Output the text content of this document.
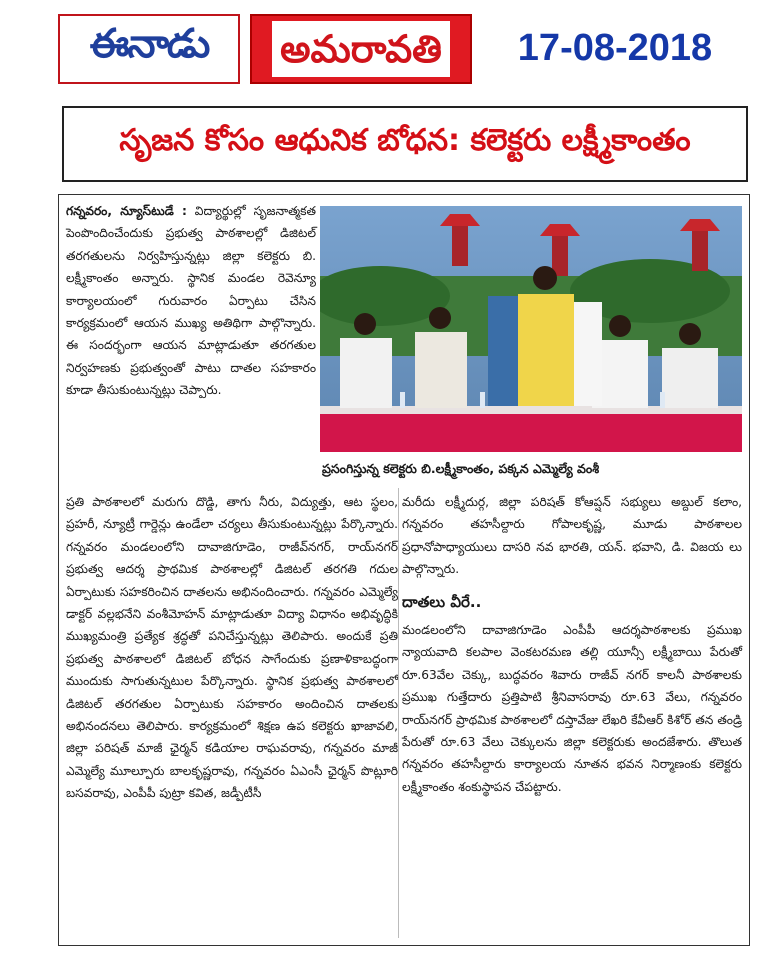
ఈనాడు	అమరావతి	17-08-2018
సృజన కోసం ఆధునిక బోధన: కలెక్టరు లక్ష్మీకాంతం
ప్రసంగిస్తున్న కలెక్టరు బి.లక్ష్మీకాంతం, పక్కన ఎమ్మెల్యే వంశీ

గన్నవరం, న్యూస్‌టుడే : విద్యార్థుల్లో సృజనాత్మకత పెంపొందించేందుకు ప్రభుత్వ పాఠశాలల్లో డిజిటల్ తరగతులను నిర్వహిస్తున్నట్లు జిల్లా కలెక్టరు బి. లక్ష్మీకాంతం అన్నారు. స్థానిక మండల రెవెన్యూ కార్యాలయంలో గురువారం ఏర్పాటు చేసిన కార్యక్రమంలో ఆయన ముఖ్య అతిథిగా పాల్గొన్నారు. ఈ సందర్భంగా ఆయన మాట్లాడుతూ తరగతుల నిర్వహణకు ప్రభుత్వంతో పాటు దాతల సహకారం కూడా తీసుకుంటున్నట్లు చెప్పారు.

ప్రతి పాఠశాలలో మరుగు దొడ్డి, తాగు నీరు, విద్యుత్తు, ఆట స్థలం, ప్రహరీ, న్యూట్రీ గార్డెన్లు ఉండేలా చర్యలు తీసుకుంటున్నట్లు పేర్కొన్నారు. గన్నవరం మండలంలోని దావాజిగూడెం, రాజీవ్‌నగర్, రాయ్‌నగర్ ప్రభుత్వ ఆదర్శ ప్రాథమిక పాఠశాలల్లో డిజిటల్ తరగతి గదుల ఏర్పాటుకు సహకరించిన దాతలను అభినందించారు. గన్నవరం ఎమ్మెల్యే డాక్టర్ వల్లభనేని వంశీమోహన్ మాట్లాడుతూ విద్యా విధానం అభివృద్ధికి ముఖ్యమంత్రి ప్రత్యేక శ్రద్ధతో పనిచేస్తున్నట్లు తెలిపారు. అందుకే ప్రతి ప్రభుత్వ పాఠశాలలో డిజిటల్ బోధన సాగేందుకు ప్రణాళికాబద్ధంగా ముందుకు సాగుతున్నటుల పేర్కొన్నారు. స్థానిక ప్రభుత్వ పాఠశాలలో డిజిటల్ తరగతుల ఏర్పాటుకు సహకారం అందించిన దాతలకు అభినందనలు తెలిపారు. కార్యక్రమంలో శిక్షణ ఉప కలెక్టరు ఖాజావలి, జిల్లా పరిషత్ మాజీ ఛైర్మన్ కడియాల రాఘవరావు, గన్నవరం మాజీ ఎమ్మెల్యే మూల్పూరు బాలకృష్ణరావు, గన్నవరం ఏఎంసీ ఛైర్మన్ పొట్లూరి బసవరావు, ఎంపీపీ పుట్రా కవిత, జడ్పీటీసీ

మరీదు లక్ష్మీదుర్గ, జిల్లా పరిషత్ కోఆప్షన్ సభ్యులు అబ్దుల్ కలాం, గన్నవరం తహసీల్దారు గోపాలకృష్ణ, మూడు పాఠశాలల ప్రధానోపాధ్యాయులు దాసరి నవ భారతి, యన్. భవాని, డి. విజయ లు పాల్గొన్నారు.

దాతలు వీరే..

మండలంలోని దావాజిగూడెం ఎంపీపీ ఆదర్శపాఠశాలకు ప్రముఖ న్యాయవాది కలపాల వెంకటరమణ తల్లి యూన్సీ లక్ష్మీబాయి పేరుతో రూ.63వేల చెక్కు, బుద్ధవరం శివారు రాజీవ్ నగర్ కాలనీ పాఠశాలకు ప్రముఖ గుత్తేదారు ప్రత్తిపాటి శ్రీనివాసరావు రూ.63 వేలు, గన్నవరం రాయ్‌నగర్ ప్రాథమిక పాఠశాలలో దస్తావేజు లేఖరి కేవీఆర్ కిశోర్ తన తండ్రి పేరుతో రూ.63 వేలు చెక్కులను జిల్లా కలెక్టరుకు అందజేశారు. తొలుత గన్నవరం తహసీల్దారు కార్యాలయ నూతన భవన నిర్మాణంకు కలెక్టరు లక్ష్మీకాంతం శంకుస్థాపన చేపట్టారు.
